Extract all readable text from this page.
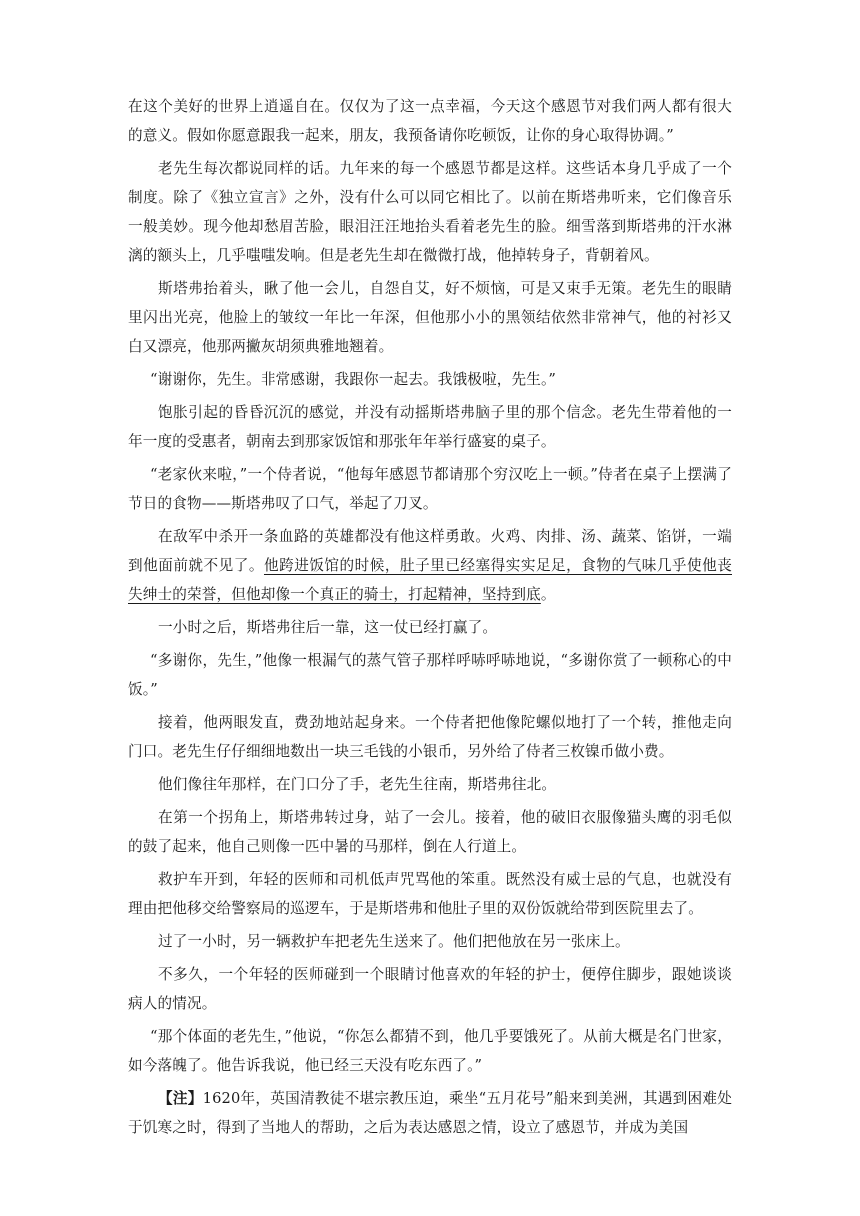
在这个美好的世界上逍遥自在。仅仅为了这一点幸福，今天这个感恩节对我们两人都有很大的意义。假如你愿意跟我一起来，朋友，我预备请你吃顿饭，让你的身心取得协调。”

老先生每次都说同样的话。九年来的每一个感恩节都是这样。这些话本身几乎成了一个制度。除了《独立宣言》之外，没有什么可以同它相比了。以前在斯塔弗听来，它们像音乐一般美妙。现今他却愁眉苦脸，眼泪汪汪地抬头看着老先生的脸。细雪落到斯塔弗的汗水淋漓的额头上，几乎嗤嗤发响。但是老先生却在微微打战，他掉转身子，背朝着风。

斯塔弗抬着头，瞅了他一会儿，自怨自艾，好不烦恼，可是又束手无策。老先生的眼睛里闪出光亮，他脸上的皱纹一年比一年深，但他那小小的黑领结依然非常神气，他的衬衫又白又漂亮，他那两撇灰胡须典雅地翘着。

“谢谢你，先生。非常感谢，我跟你一起去。我饿极啦，先生。”

饱胀引起的昏昏沉沉的感觉，并没有动摇斯塔弗脑子里的那个信念。老先生带着他的一年一度的受惠者，朝南去到那家饭馆和那张年年举行盛宴的桌子。

“老家伙来啦，”一个侍者说，“他每年感恩节都请那个穷汉吃上一顿。”侍者在桌子上摆满了节日的食物——斯塔弗叹了口气，举起了刀叉。

在敌军中杀开一条血路的英雄都没有他这样勇敢。火鸡、肉排、汤、蔬菜、馅饼，一端到他面前就不见了。他跨进饭馆的时候，肚子里已经塞得实实足足，食物的气味几乎使他丧失绅士的荣誉，但他却像一个真正的骑士，打起精神，坚持到底。

一小时之后，斯塔弗往后一靠，这一仗已经打赢了。

“多谢你，先生，”他像一根漏气的蒸气管子那样呼哧呼哧地说，“多谢你赏了一顿称心的中饭。”

接着，他两眼发直，费劲地站起身来。一个侍者把他像陀螺似地打了一个转，推他走向门口。老先生仔仔细细地数出一块三毛钱的小银币，另外给了侍者三枚镍币做小费。

他们像往年那样，在门口分了手，老先生往南，斯塔弗往北。

在第一个拐角上，斯塔弗转过身，站了一会儿。接着，他的破旧衣服像猫头鹰的羽毛似的鼓了起来，他自己则像一匹中暑的马那样，倒在人行道上。

救护车开到，年轻的医师和司机低声咒骂他的笨重。既然没有威士忌的气息，也就没有理由把他移交给警察局的巡逻车，于是斯塔弗和他肚子里的双份饭就给带到医院里去了。

过了一小时，另一辆救护车把老先生送来了。他们把他放在另一张床上。

不多久，一个年轻的医师碰到一个眼睛讨他喜欢的年轻的护士，便停住脚步，跟她谈谈病人的情况。

“那个体面的老先生，”他说，“你怎么都猜不到，他几乎要饿死了。从前大概是名门世家，如今落魄了。他告诉我说，他已经三天没有吃东西了。”

【注】1620年，英国清教徒不堪宗教压迫，乘坐“五月花号”船来到美洲，其遇到困难处于饥寒之时，得到了当地人的帮助，之后为表达感恩之情，设立了感恩节，并成为美国
